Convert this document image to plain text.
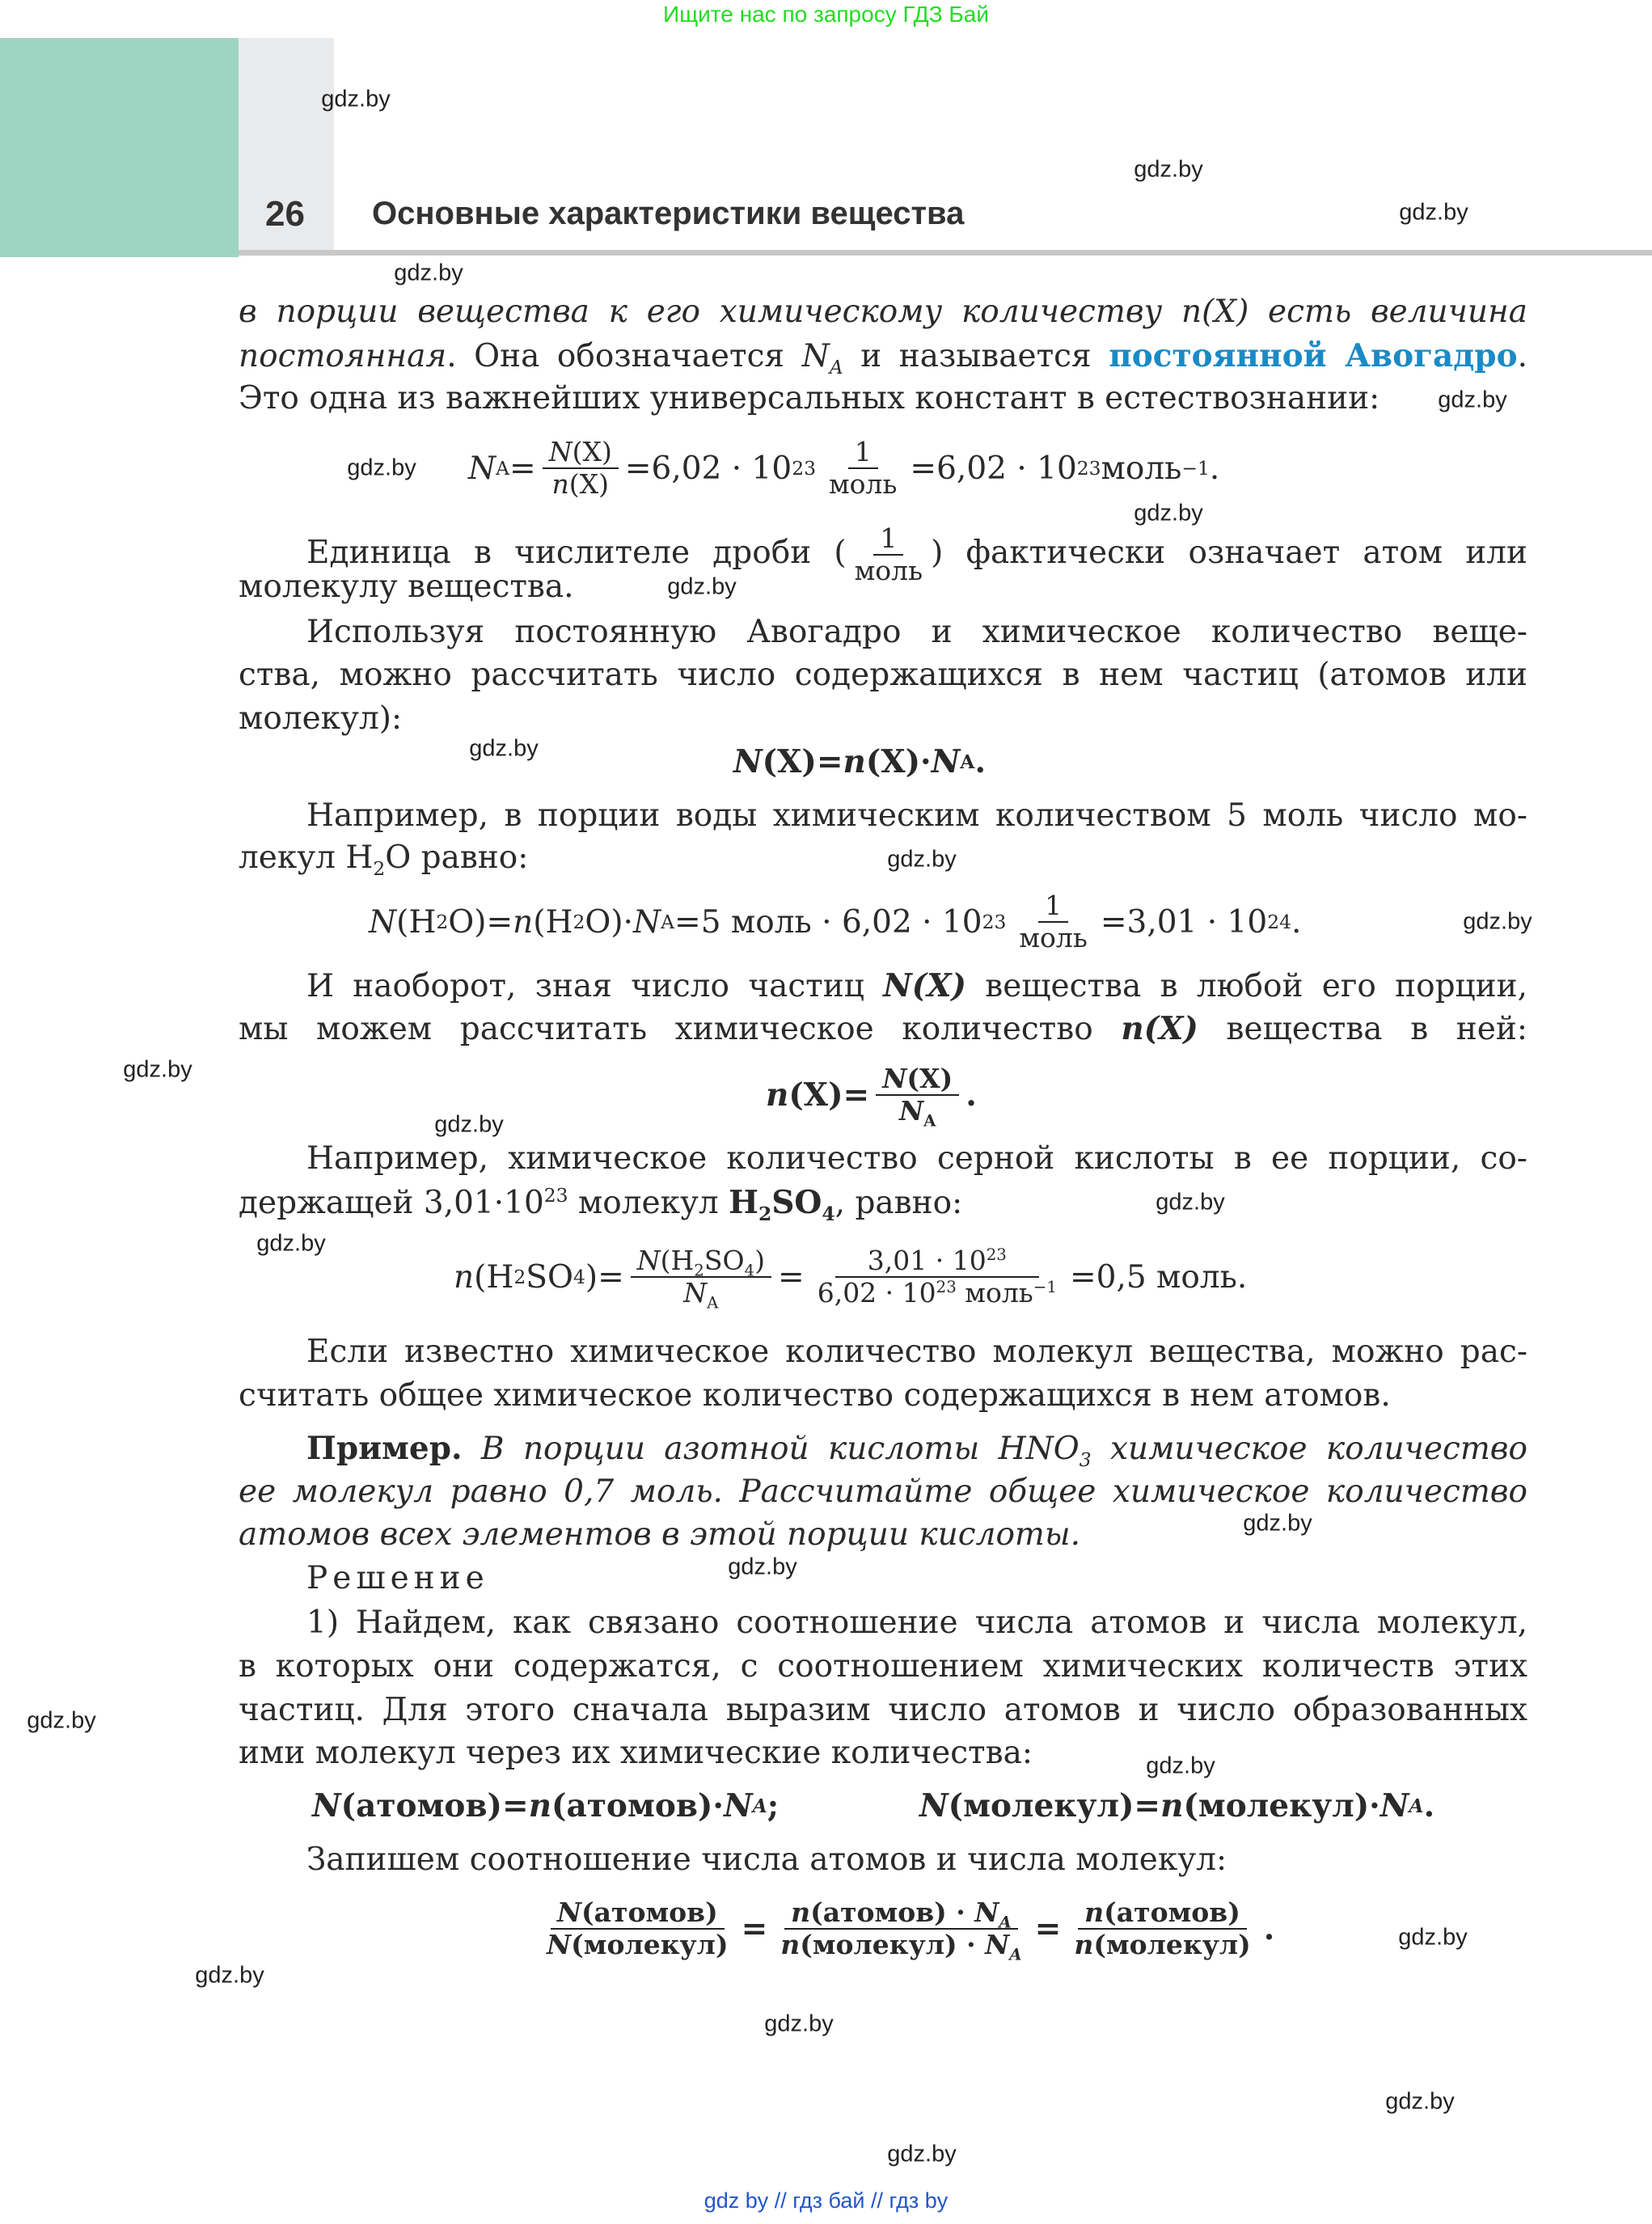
Ищите нас по запросу ГДЗ Бай
26 Основные характеристики вещества
в порции вещества к его химическому количеству n(X) есть величина
постоянная. Она обозначается $N_A$ и называется постоянной Авогадро.
Это одна из важнейших универсальных констант в естествознании:
N $A = \frac{N(X)}{n(X)} = 6,02 \cdot 10$ $23 \frac{1}{\text{моль}} = 6,02 \cdot 10$ 23 моль −1 .
Единица в числителе дроби ( $\frac{1}{\text{моль}}$ ) фактически означает атом или
молекулу вещества.
Используя постоянную Авогадро и химическое количество веще-
ства, можно рассчитать число содержащихся в нем частиц (атомов или
молекул):
N (X) = n (X) · N A .
Например, в порции воды химическим количеством 5 моль число мо-
лекул $H_2O$ равно:
N (H 2 O) = n (H 2 O) · N A = 5 моль · 6,02 · 10 $23 \frac{1}{\text{моль}} = 3,01 \cdot 10$ 24 .
И наоборот, зная число частиц N(X) вещества в любой его порции,
мы можем рассчитать химическое количество n(X) вещества в ней:
n $(X) = \frac{N(X)}{N_A}$ .
Например, химическое количество серной кислоты в ее порции, со-
держащей $3,01\cdot 10^{23}$ молекул $H_2SO_4$, равно:
n (H 2 SO 4 ) = $\frac{N(H_2SO_4)}{N_A} = \frac{3,01 \cdot 10^{23}}{6,02 \cdot 10^{23} моль^{-1}} = 0,5$ моль .
Если известно химическое количество молекул вещества, можно рас-
считать общее химическое количество содержащихся в нем атомов.
Пример. В порции азотной кислоты $HNO_3$ химическое количество
ее молекул равно 0,7 моль. Рассчитайте общее химическое количество
атомов всех элементов в этой порции кислоты.
Решение
1) Найдем, как связано соотношение числа атомов и числа молекул,
в которых они содержатся, с соотношением химических количеств этих
частиц. Для этого сначала выразим число атомов и число образованных
ими молекул через их химические количества:
N (атомов) = n (атомов) · N A ;	N (молекул) = n (молекул) · N A .
Запишем соотношение числа атомов и числа молекул:
$\frac{\text{N(атомов)}}{\text{N(молекул)}} = \frac{n(атомов) \cdot N_A}{n(молекул) \cdot N_A} = \frac{\text{n(атомов)}}{\text{n(молекул)}}$ .
gdz.by
gdz.by
gdz.by
gdz.by
gdz.by
gdz.by
gdz.by
gdz.by
gdz.by
gdz.by
gdz.by
gdz.by
gdz.by
gdz.by
gdz.by
gdz.by
gdz.by
gdz.by
gdz.by
gdz.by
gdz.by
gdz.by
gdz.by
gdz.by
gdz by // гдз бай // гдз by
